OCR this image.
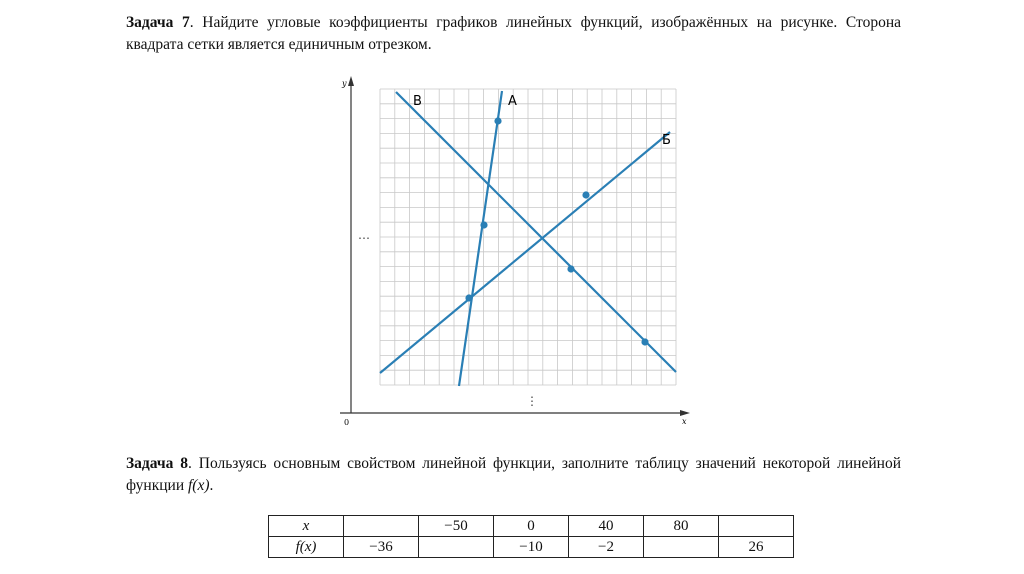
Задача 7. Найдите угловые коэффициенты графиков линейных функций, изображённых на рисунке. Сторона квадрата сетки является единичным отрезком.
y
x
0
⋮
⋯
В	А
Б
Задача 8. Пользуясь основным свойством линейной функции, заполните таблицу значений некоторой линейной функции f(x).
x		−50	0	40	80	
f(x)	−36		−10	−2		26
